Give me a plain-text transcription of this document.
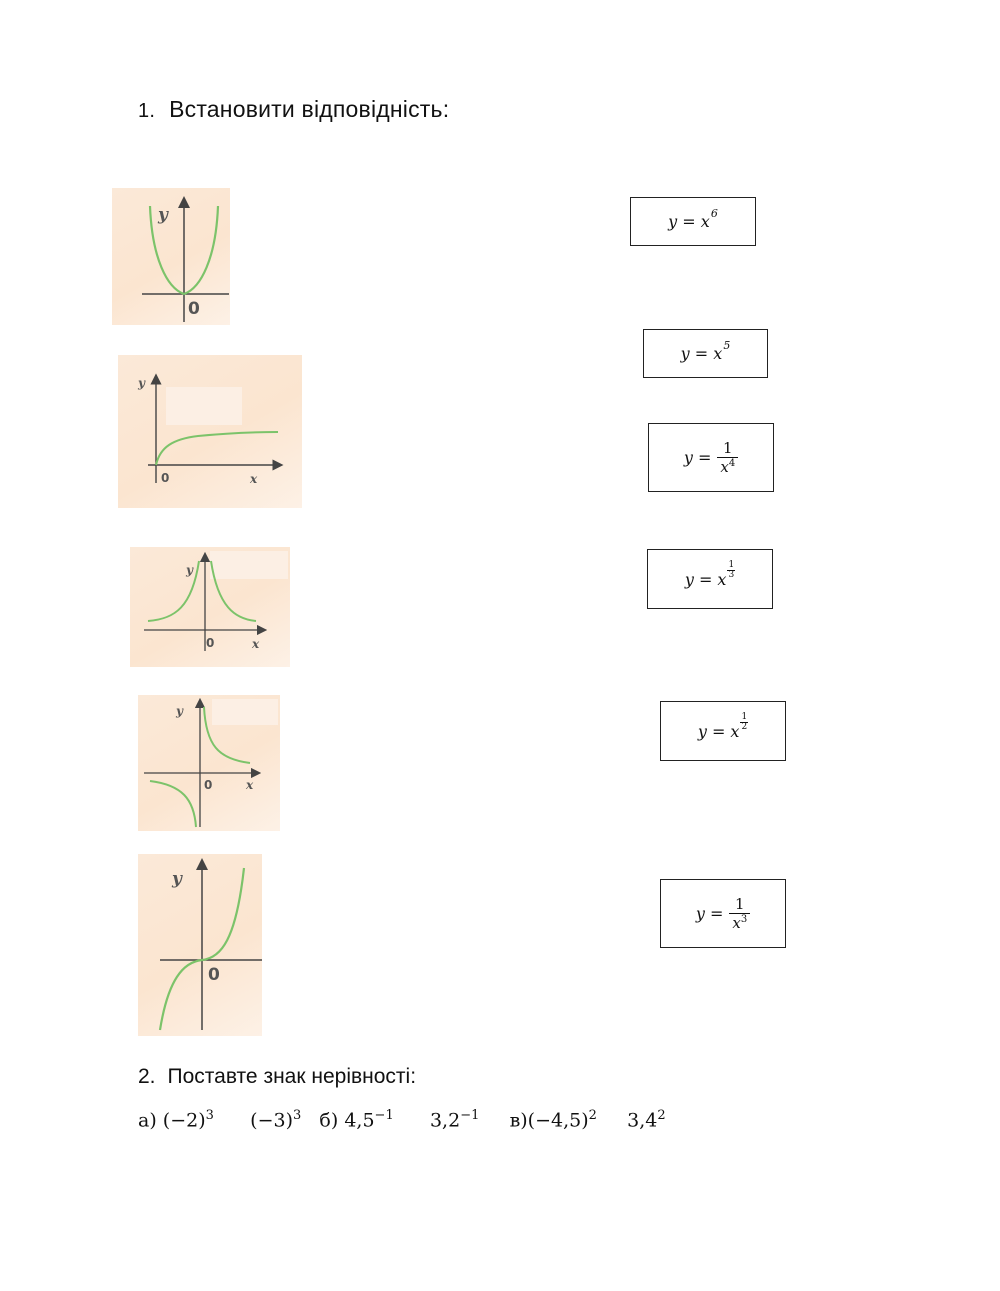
1. Встановити відповідність:
y
0
y
0	x
y
0	x
y
0	x
y
0
y = x 6
y = x 5
$y = \frac{1}{x^4}$
y = x $\frac{1}{3}$
y = x $\frac{1}{2}$
$y = \frac{1}{x^3}$
2. Поставте знак нерівності:
а) $(-2)^3$ $(-3)^3$ б) $4,5^{-1}$ $3,2^{-1}$ $в)(-4,5)^2$ $3,4^2$
